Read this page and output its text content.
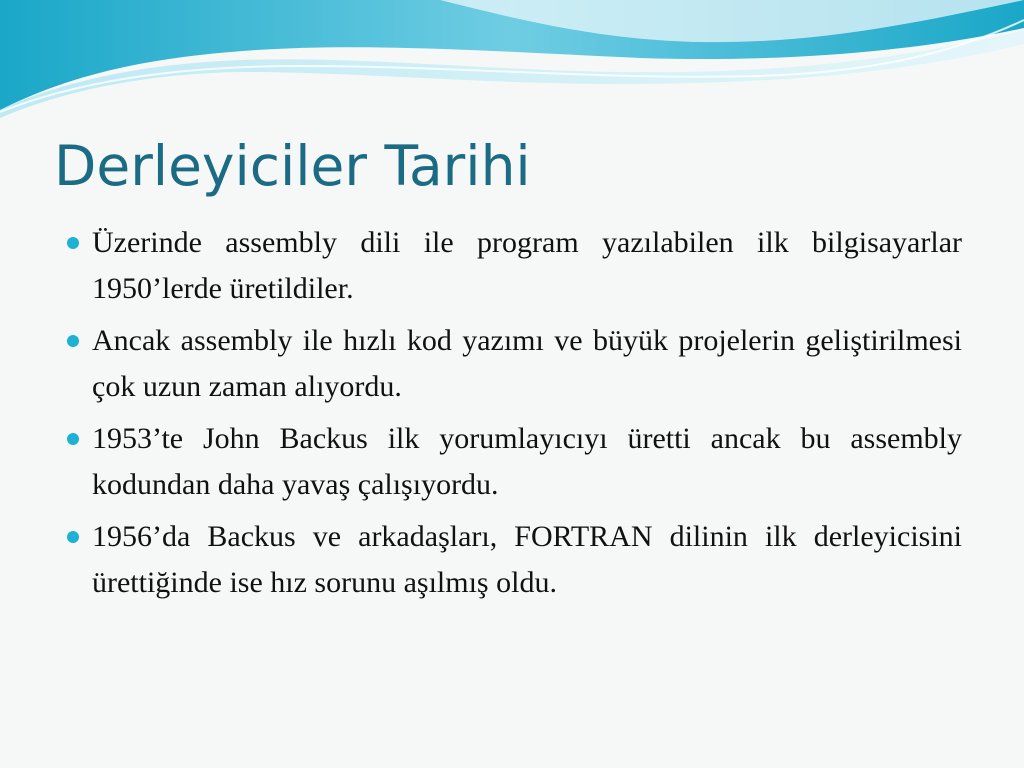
Derleyiciler Tarihi
Üzerinde assembly dili ile program yazılabilen ilk bilgisayarlar 1950’lerde üretildiler.
Ancak assembly ile hızlı kod yazımı ve büyük projelerin geliştirilmesi çok uzun zaman alıyordu.
1953’te John Backus ilk yorumlayıcıyı üretti ancak bu assembly kodundan daha yavaş çalışıyordu.
1956’da Backus ve arkadaşları, FORTRAN dilinin ilk derleyicisini ürettiğinde ise hız sorunu aşılmış oldu.
